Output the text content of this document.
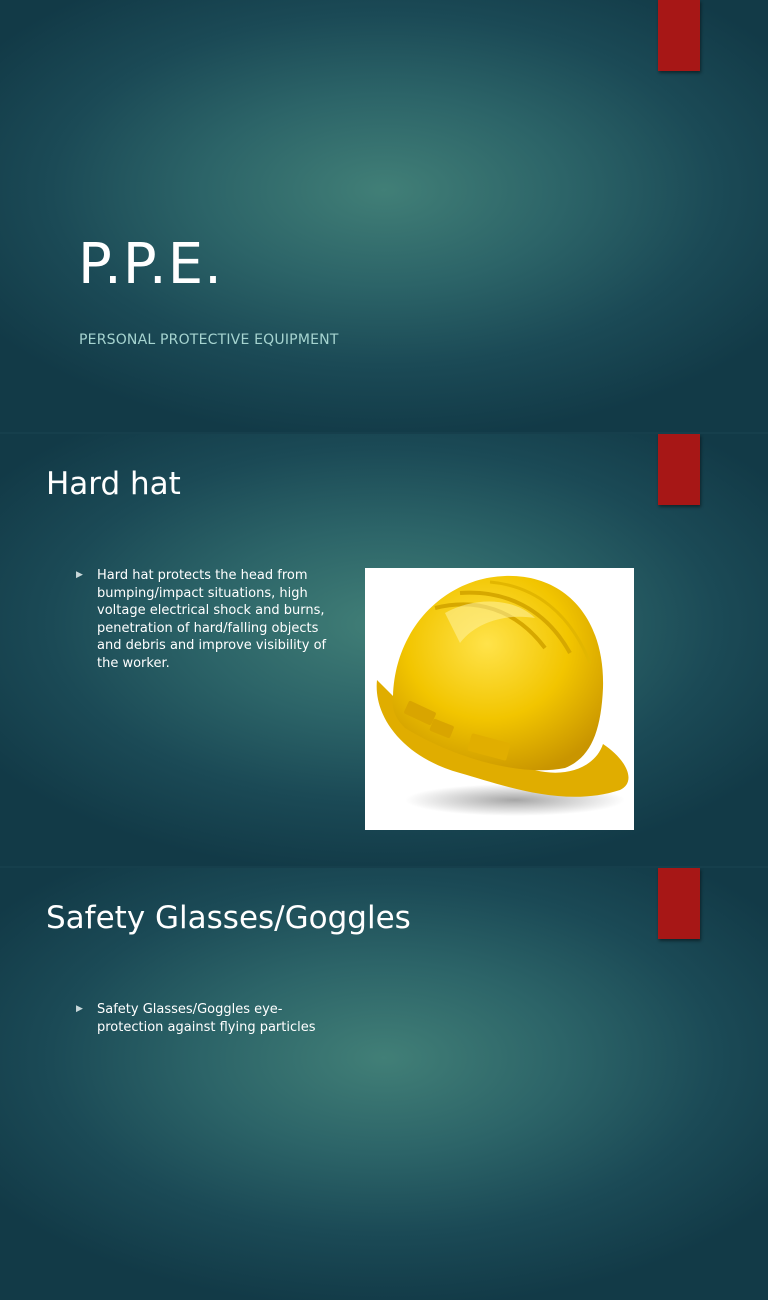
P.P.E.

PERSONAL PROTECTIVE EQUIPMENT

Hard hat
▶ Hard hat protects the head from bumping/impact situations, high voltage electrical shock and burns, penetration of hard/falling objects and debris and improve visibility of the worker.
Safety Glasses/Goggles
▶ Safety Glasses/Goggles eye-protection against flying particles
